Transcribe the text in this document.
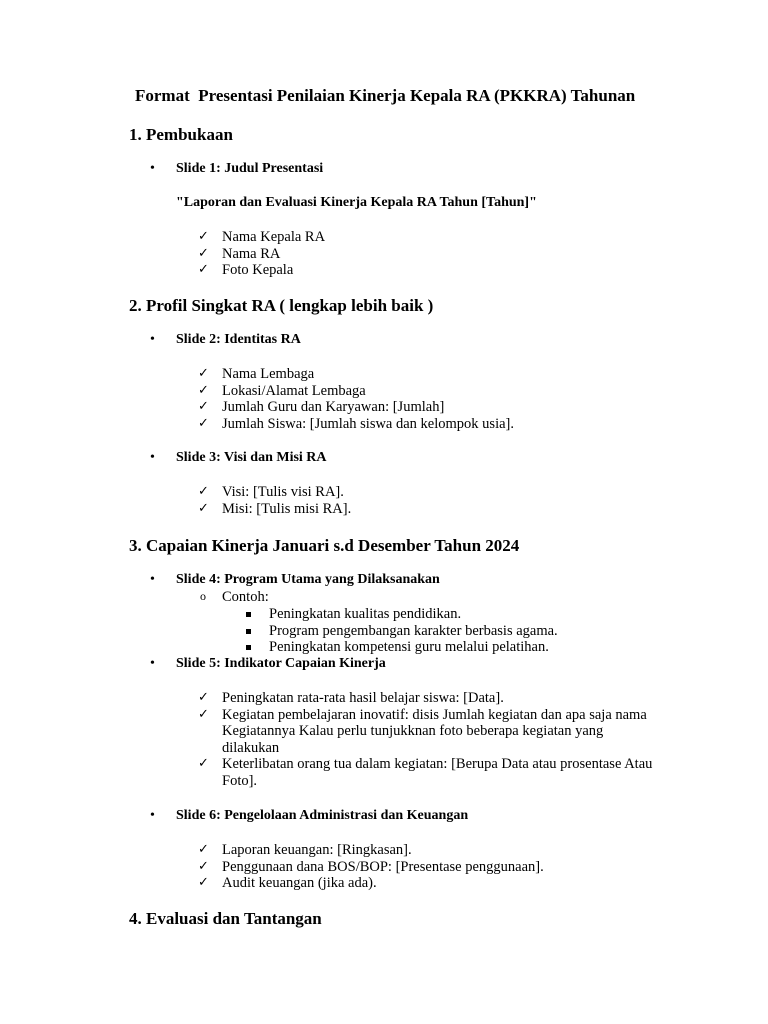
Format  Presentasi Penilaian Kinerja Kepala RA (PKKRA) Tahunan
1. Pembukaan
•	Slide 1: Judul Presentasi
"Laporan dan Evaluasi Kinerja Kepala RA Tahun [Tahun]"
✓ Nama Kepala RA
✓ Nama RA
✓ Foto Kepala
2. Profil Singkat RA ( lengkap lebih baik )
•	Slide 2: Identitas RA
✓ Nama Lembaga
✓ Lokasi/Alamat Lembaga
✓ Jumlah Guru dan Karyawan: [Jumlah]
✓ Jumlah Siswa: [Jumlah siswa dan kelompok usia].
•	Slide 3: Visi dan Misi RA
✓ Visi: [Tulis visi RA].
✓ Misi: [Tulis misi RA].
3. Capaian Kinerja Januari s.d Desember Tahun 2024
•	Slide 4: Program Utama yang Dilaksanakan

o

Contoh:

Peningkatan kualitas pendidikan.
Program pengembangan karakter berbasis agama.
Peningkatan kompetensi guru melalui pelatihan.
•	Slide 5: Indikator Capaian Kinerja
✓ Peningkatan rata-rata hasil belajar siswa: [Data].
✓ Kegiatan pembelajaran inovatif: disis Jumlah kegiatan dan apa saja nama Kegiatannya Kalau perlu tunjukknan foto beberapa kegiatan yang dilakukan
✓ Keterlibatan orang tua dalam kegiatan: [Berupa Data atau prosentase Atau Foto].
•	Slide 6: Pengelolaan Administrasi dan Keuangan
✓ Laporan keuangan: [Ringkasan].
✓ Penggunaan dana BOS/BOP: [Presentase penggunaan].
✓ Audit keuangan (jika ada).
4. Evaluasi dan Tantangan
